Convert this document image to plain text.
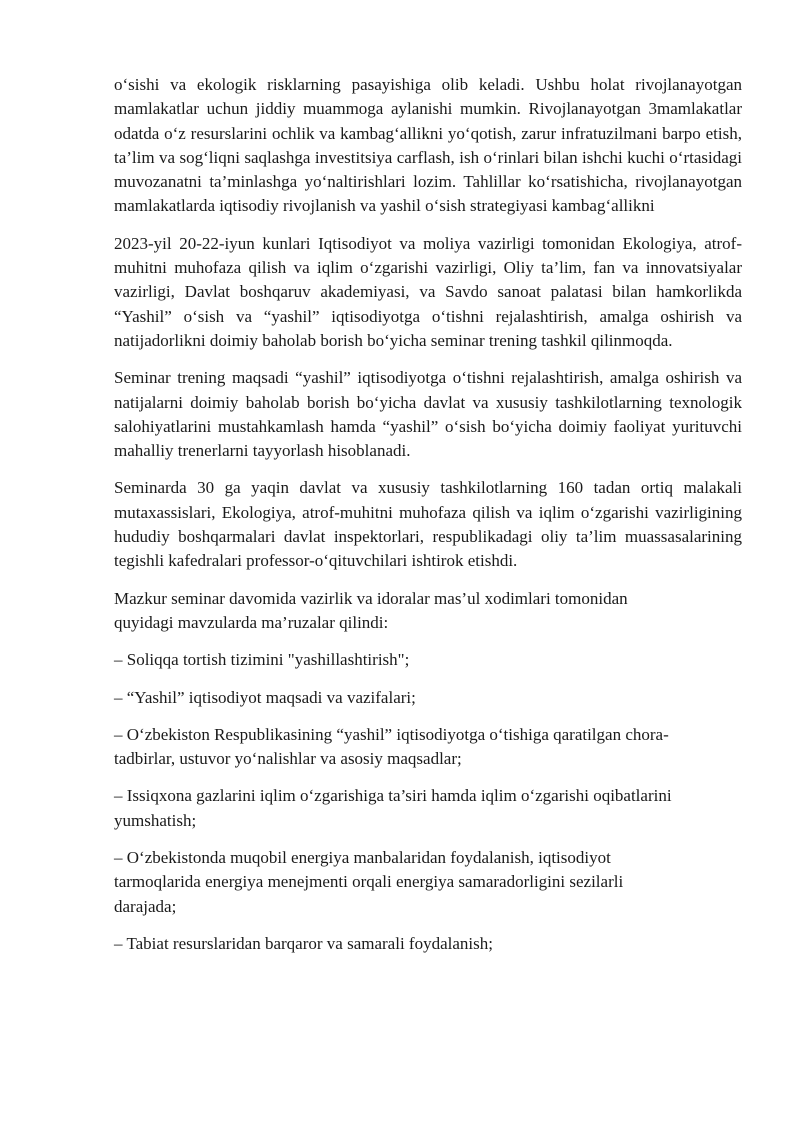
o‘sishi va ekologik risklarning pasayishiga olib keladi. Ushbu holat rivojlanayotgan mamlakatlar uchun jiddiy muammoga aylanishi mumkin. Rivojlanayotgan 3mamlakatlar odatda o‘z resurslarini ochlik va kambag‘allikni yo‘qotish, zarur infratuzilmani barpo etish, ta’lim va sog‘liqni saqlashga investitsiya carflash, ish o‘rinlari bilan ishchi kuchi o‘rtasidagi muvozanatni ta’minlashga yo‘naltirishlari lozim. Tahlillar ko‘rsatishicha, rivojlanayotgan mamlakatlarda iqtisodiy rivojlanish va yashil o‘sish strategiyasi kambag‘allikni

2023-yil 20-22-iyun kunlari Iqtisodiyot va moliya vazirligi tomonidan Ekologiya, atrof-muhitni muhofaza qilish va iqlim o‘zgarishi vazirligi, Oliy ta’lim, fan va innovatsiyalar vazirligi, Davlat boshqaruv akademiyasi, va Savdo sanoat palatasi bilan hamkorlikda “Yashil” o‘sish va “yashil” iqtisodiyotga o‘tishni rejalashtirish, amalga oshirish va natijadorlikni doimiy baholab borish bo‘yicha seminar trening tashkil qilinmoqda.

Seminar trening maqsadi “yashil” iqtisodiyotga o‘tishni rejalashtirish, amalga oshirish va natijalarni doimiy baholab borish bo‘yicha davlat va xususiy tashkilotlarning texnologik salohiyatlarini mustahkamlash hamda “yashil” o‘sish bo‘yicha doimiy faoliyat yurituvchi mahalliy trenerlarni tayyorlash hisoblanadi.

Seminarda 30 ga yaqin davlat va xususiy tashkilotlarning 160 tadan ortiq malakali mutaxassislari, Ekologiya, atrof-muhitni muhofaza qilish va iqlim o‘zgarishi vazirligining hududiy boshqarmalari davlat inspektorlari, respublikadagi oliy ta’lim muassasalarining tegishli kafedralari professor-o‘qituvchilari ishtirok etishdi.

Mazkur seminar davomida vazirlik va idoralar mas’ul xodimlari tomonidan quyidagi mavzularda ma’ruzalar qilindi:

– Soliqqa tortish tizimini "yashillashtirish";

– “Yashil” iqtisodiyot maqsadi va vazifalari;

– O‘zbekiston Respublikasining “yashil” iqtisodiyotga o‘tishiga qaratilgan chora-tadbirlar, ustuvor yo‘nalishlar va asosiy maqsadlar;

– Issiqxona gazlarini iqlim o‘zgarishiga ta’siri hamda iqlim o‘zgarishi oqibatlarini yumshatish;

– O‘zbekistonda muqobil energiya manbalaridan foydalanish, iqtisodiyot tarmoqlarida energiya menejmenti orqali energiya samaradorligini sezilarli darajada;

– Tabiat resurslaridan barqaror va samarali foydalanish;
